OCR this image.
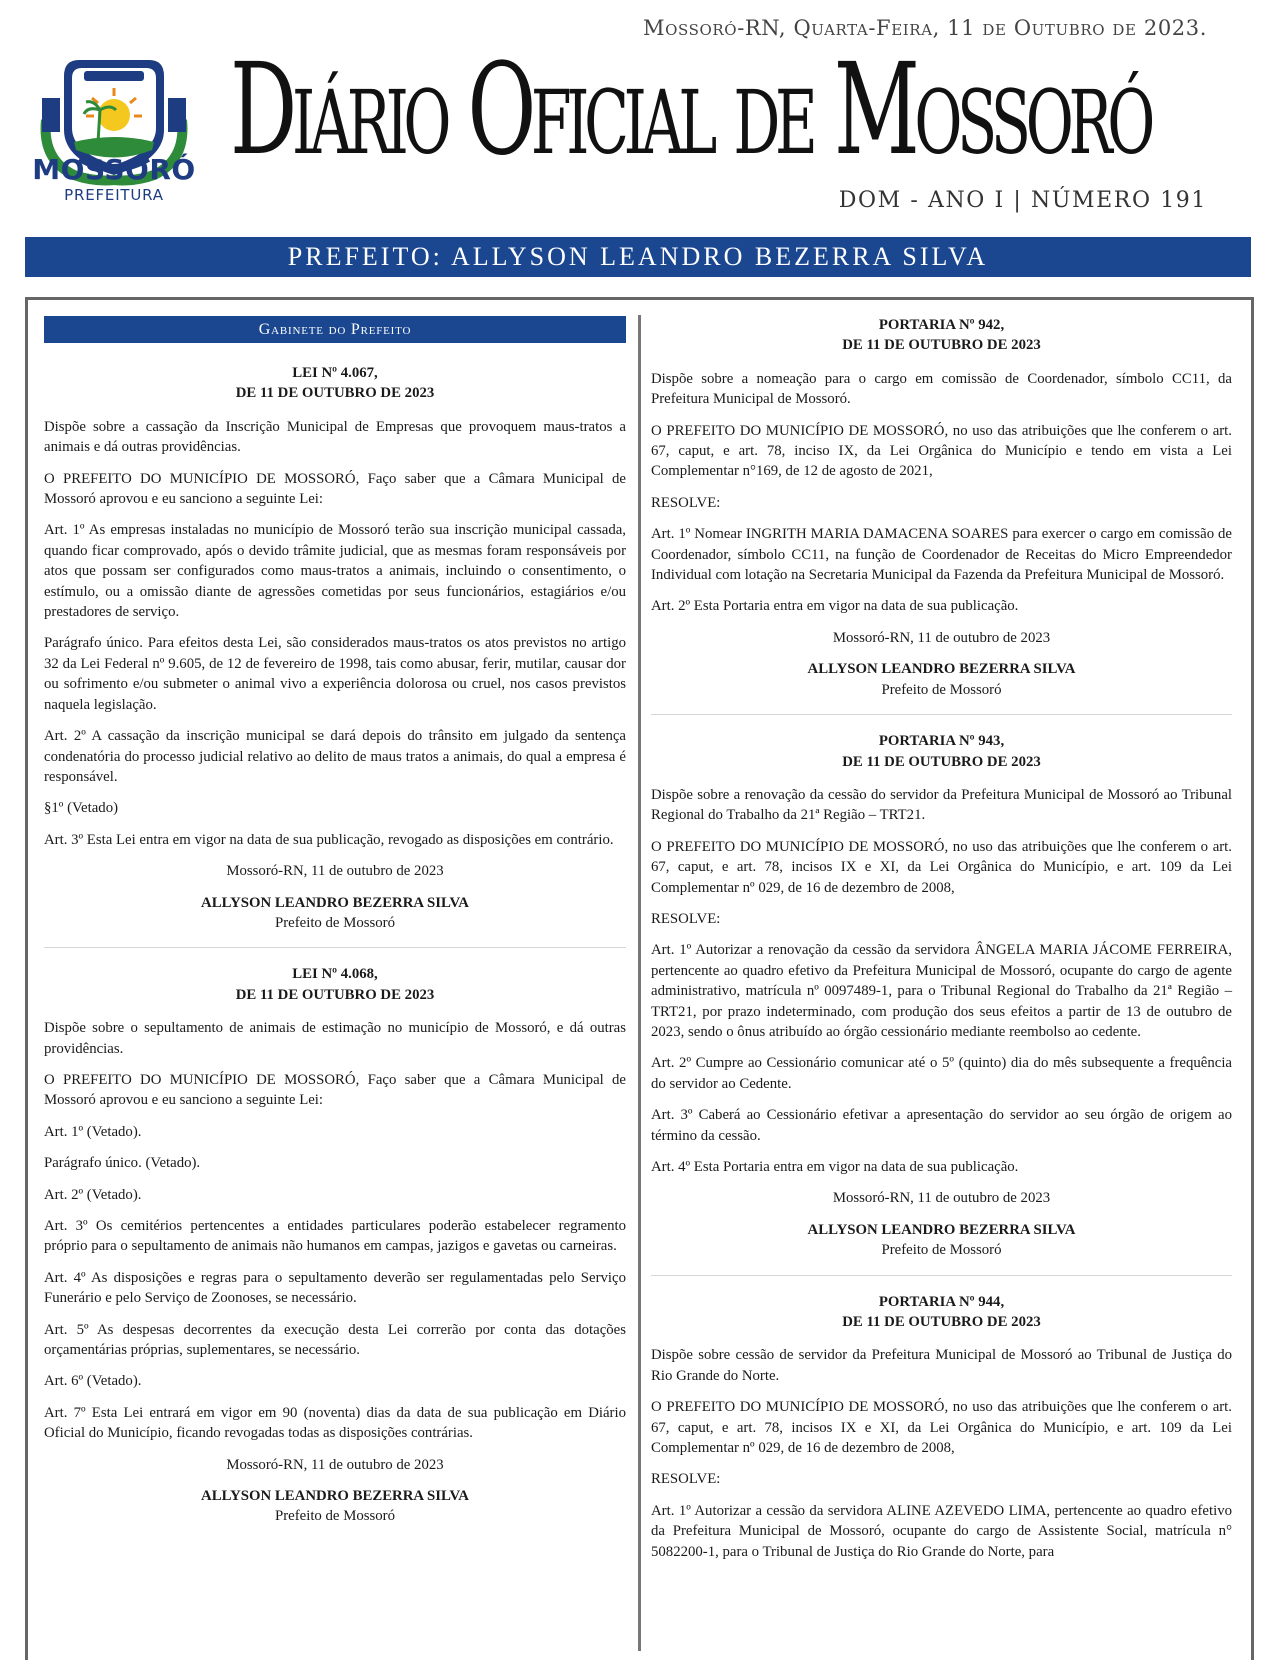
Mossoró-RN, Quarta-Feira, 11 de Outubro de 2023.
MOSSORÓ
PREFEITURA
Diário Oficial de Mossoró
DOM - ANO I | NÚMERO 191
PREFEITO: ALLYSON LEANDRO BEZERRA SILVA
Gabinete do Prefeito
LEI Nº 4.067,
DE 11 DE OUTUBRO DE 2023

Dispõe sobre a cassação da Inscrição Municipal de Empresas que provoquem maus-tratos a animais e dá outras providências.

O PREFEITO DO MUNICÍPIO DE MOSSORÓ, Faço saber que a Câmara Municipal de Mossoró aprovou e eu sanciono a seguinte Lei:

Art. 1º As empresas instaladas no município de Mossoró terão sua inscrição municipal cassada, quando ficar comprovado, após o devido trâmite judicial, que as mesmas foram responsáveis por atos que possam ser configurados como maus-tratos a animais, incluindo o consentimento, o estímulo, ou a omissão diante de agressões cometidas por seus funcionários, estagiários e/ou prestadores de serviço.

Parágrafo único. Para efeitos desta Lei, são considerados maus-tratos os atos previstos no artigo 32 da Lei Federal nº 9.605, de 12 de fevereiro de 1998, tais como abusar, ferir, mutilar, causar dor ou sofrimento e/ou submeter o animal vivo a experiência dolorosa ou cruel, nos casos previstos naquela legislação.

Art. 2º A cassação da inscrição municipal se dará depois do trânsito em julgado da sentença condenatória do processo judicial relativo ao delito de maus tratos a animais, do qual a empresa é responsável.

§1º (Vetado)

Art. 3º Esta Lei entra em vigor na data de sua publicação, revogado as disposições em contrário.

Mossoró-RN, 11 de outubro de 2023
ALLYSON LEANDRO BEZERRA SILVA
Prefeito de Mossoró
LEI Nº 4.068,
DE 11 DE OUTUBRO DE 2023

Dispõe sobre o sepultamento de animais de estimação no município de Mossoró, e dá outras providências.

O PREFEITO DO MUNICÍPIO DE MOSSORÓ, Faço saber que a Câmara Municipal de Mossoró aprovou e eu sanciono a seguinte Lei:

Art. 1º (Vetado).

Parágrafo único. (Vetado).

Art. 2º (Vetado).

Art. 3º Os cemitérios pertencentes a entidades particulares poderão estabelecer regramento próprio para o sepultamento de animais não humanos em campas, jazigos e gavetas ou carneiras.

Art. 4º As disposições e regras para o sepultamento deverão ser regulamentadas pelo Serviço Funerário e pelo Serviço de Zoonoses, se necessário.

Art. 5º As despesas decorrentes da execução desta Lei correrão por conta das dotações orçamentárias próprias, suplementares, se necessário.

Art. 6º (Vetado).

Art. 7º Esta Lei entrará em vigor em 90 (noventa) dias da data de sua publicação em Diário Oficial do Município, ficando revogadas todas as disposições contrárias.

Mossoró-RN, 11 de outubro de 2023
ALLYSON LEANDRO BEZERRA SILVA
Prefeito de Mossoró
PORTARIA Nº 942,
DE 11 DE OUTUBRO DE 2023

Dispõe sobre a nomeação para o cargo em comissão de Coordenador, símbolo CC11, da Prefeitura Municipal de Mossoró.

O PREFEITO DO MUNICÍPIO DE MOSSORÓ, no uso das atribuições que lhe conferem o art. 67, caput, e art. 78, inciso IX, da Lei Orgânica do Município e tendo em vista a Lei Complementar n°169, de 12 de agosto de 2021,

RESOLVE:

Art. 1º Nomear INGRITH MARIA DAMACENA SOARES para exercer o cargo em comissão de Coordenador, símbolo CC11, na função de Coordenador de Receitas do Micro Empreendedor Individual com lotação na Secretaria Municipal da Fazenda da Prefeitura Municipal de Mossoró.

Art. 2º Esta Portaria entra em vigor na data de sua publicação.

Mossoró-RN, 11 de outubro de 2023
ALLYSON LEANDRO BEZERRA SILVA
Prefeito de Mossoró
PORTARIA Nº 943,
DE 11 DE OUTUBRO DE 2023

Dispõe sobre a renovação da cessão do servidor da Prefeitura Municipal de Mossoró ao Tribunal Regional do Trabalho da 21ª Região – TRT21.

O PREFEITO DO MUNICÍPIO DE MOSSORÓ, no uso das atribuições que lhe conferem o art. 67, caput, e art. 78, incisos IX e XI, da Lei Orgânica do Município, e art. 109 da Lei Complementar nº 029, de 16 de dezembro de 2008,

RESOLVE:

Art. 1º Autorizar a renovação da cessão da servidora ÂNGELA MARIA JÁCOME FERREIRA, pertencente ao quadro efetivo da Prefeitura Municipal de Mossoró, ocupante do cargo de agente administrativo, matrícula nº 0097489-1, para o Tribunal Regional do Trabalho da 21ª Região – TRT21, por prazo indeterminado, com produção dos seus efeitos a partir de 13 de outubro de 2023, sendo o ônus atribuído ao órgão cessionário mediante reembolso ao cedente.

Art. 2º Cumpre ao Cessionário comunicar até o 5º (quinto) dia do mês subsequente a frequência do servidor ao Cedente.

Art. 3º Caberá ao Cessionário efetivar a apresentação do servidor ao seu órgão de origem ao término da cessão.

Art. 4º Esta Portaria entra em vigor na data de sua publicação.

Mossoró-RN, 11 de outubro de 2023
ALLYSON LEANDRO BEZERRA SILVA
Prefeito de Mossoró
PORTARIA Nº 944,
DE 11 DE OUTUBRO DE 2023

Dispõe sobre cessão de servidor da Prefeitura Municipal de Mossoró ao Tribunal de Justiça do Rio Grande do Norte.

O PREFEITO DO MUNICÍPIO DE MOSSORÓ, no uso das atribuições que lhe conferem o art. 67, caput, e art. 78, incisos IX e XI, da Lei Orgânica do Município, e art. 109 da Lei Complementar nº 029, de 16 de dezembro de 2008,

RESOLVE:

Art. 1º Autorizar a cessão da servidora ALINE AZEVEDO LIMA, pertencente ao quadro efetivo da Prefeitura Municipal de Mossoró, ocupante do cargo de Assistente Social, matrícula n° 5082200-1, para o Tribunal de Justiça do Rio Grande do Norte, para
